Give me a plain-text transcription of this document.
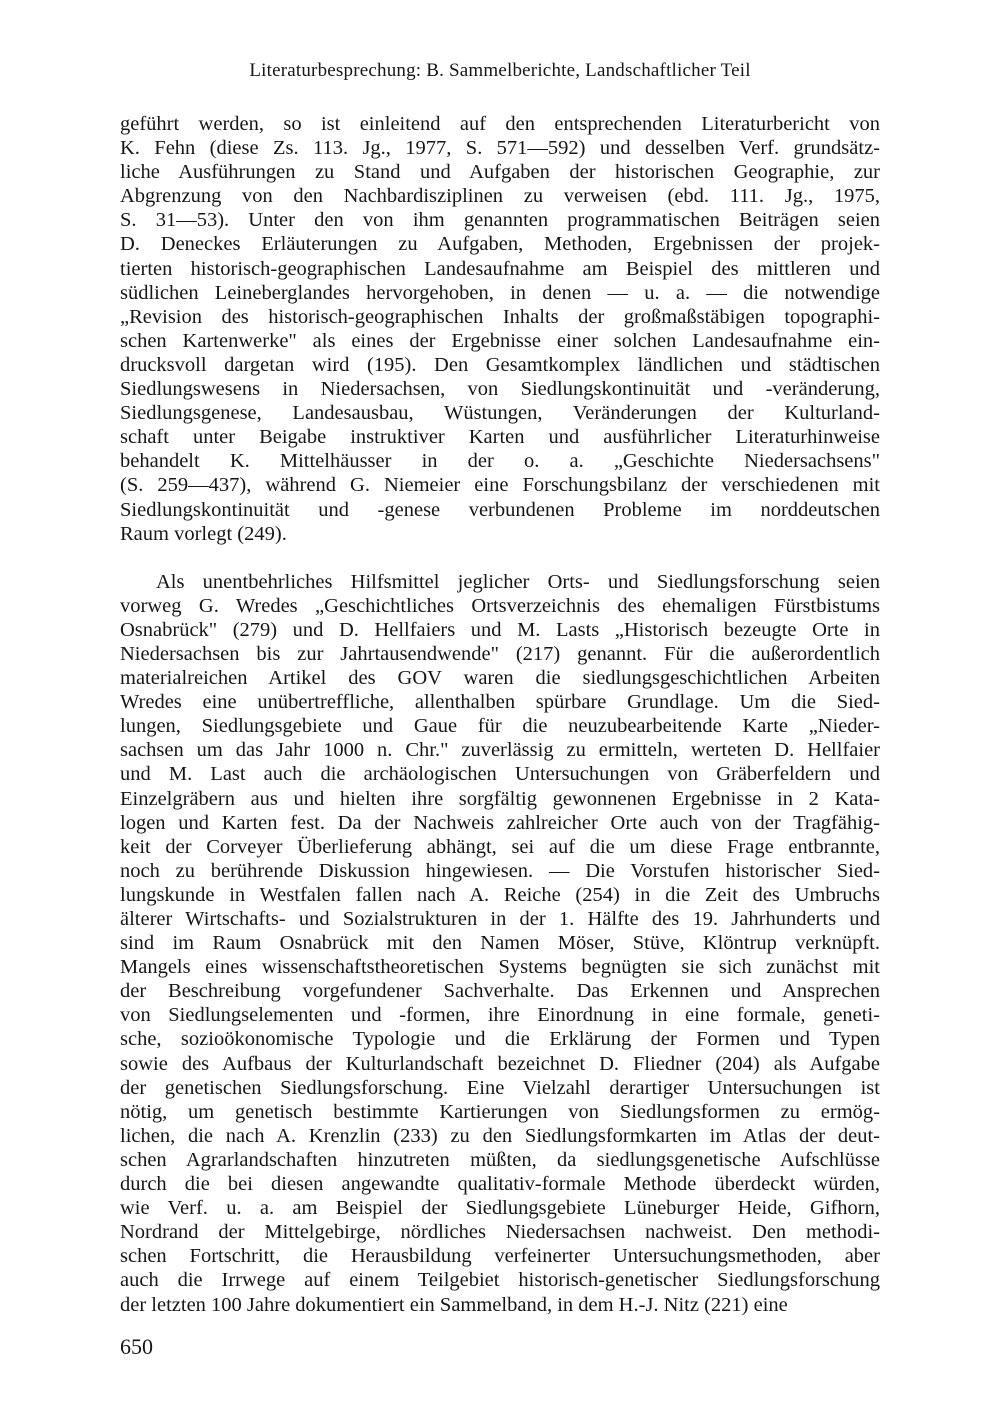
Literaturbesprechung: B. Sammelberichte, Landschaftlicher Teil
geführt werden, so ist einleitend auf den entsprechenden Literaturbericht von
K. Fehn (diese Zs. 113. Jg., 1977, S. 571—592) und desselben Verf. grundsätz-
liche Ausführungen zu Stand und Aufgaben der historischen Geographie, zur
Abgrenzung von den Nachbardisziplinen zu verweisen (ebd. 111. Jg., 1975,
S. 31—53). Unter den von ihm genannten programmatischen Beiträgen seien
D. Deneckes Erläuterungen zu Aufgaben, Methoden, Ergebnissen der projek-
tierten historisch-geographischen Landesaufnahme am Beispiel des mittleren und
südlichen Leineberglandes hervorgehoben, in denen — u. a. — die notwendige
„Revision des historisch-geographischen Inhalts der großmaßstäbigen topographi-
schen Kartenwerke" als eines der Ergebnisse einer solchen Landesaufnahme ein-
drucksvoll dargetan wird (195). Den Gesamtkomplex ländlichen und städtischen
Siedlungswesens in Niedersachsen, von Siedlungskontinuität und -veränderung,
Siedlungsgenese, Landesausbau, Wüstungen, Veränderungen der Kulturland-
schaft unter Beigabe instruktiver Karten und ausführlicher Literaturhinweise
behandelt K. Mittelhäusser in der o. a. „Geschichte Niedersachsens"
(S. 259—437), während G. Niemeier eine Forschungsbilanz der verschiedenen mit
Siedlungskontinuität und -genese verbundenen Probleme im norddeutschen
Raum vorlegt (249).
Als unentbehrliches Hilfsmittel jeglicher Orts- und Siedlungsforschung seien
vorweg G. Wredes „Geschichtliches Ortsverzeichnis des ehemaligen Fürstbistums
Osnabrück" (279) und D. Hellfaiers und M. Lasts „Historisch bezeugte Orte in
Niedersachsen bis zur Jahrtausendwende" (217) genannt. Für die außerordentlich
materialreichen Artikel des GOV waren die siedlungsgeschichtlichen Arbeiten
Wredes eine unübertreffliche, allenthalben spürbare Grundlage. Um die Sied-
lungen, Siedlungsgebiete und Gaue für die neuzubearbeitende Karte „Nieder-
sachsen um das Jahr 1000 n. Chr." zuverlässig zu ermitteln, werteten D. Hellfaier
und M. Last auch die archäologischen Untersuchungen von Gräberfeldern und
Einzelgräbern aus und hielten ihre sorgfältig gewonnenen Ergebnisse in 2 Kata-
logen und Karten fest. Da der Nachweis zahlreicher Orte auch von der Tragfähig-
keit der Corveyer Überlieferung abhängt, sei auf die um diese Frage entbrannte,
noch zu berührende Diskussion hingewiesen. — Die Vorstufen historischer Sied-
lungskunde in Westfalen fallen nach A. Reiche (254) in die Zeit des Umbruchs
älterer Wirtschafts- und Sozialstrukturen in der 1. Hälfte des 19. Jahrhunderts und
sind im Raum Osnabrück mit den Namen Möser, Stüve, Klöntrup verknüpft.
Mangels eines wissenschaftstheoretischen Systems begnügten sie sich zunächst mit
der Beschreibung vorgefundener Sachverhalte. Das Erkennen und Ansprechen
von Siedlungselementen und -formen, ihre Einordnung in eine formale, geneti-
sche, sozioökonomische Typologie und die Erklärung der Formen und Typen
sowie des Aufbaus der Kulturlandschaft bezeichnet D. Fliedner (204) als Aufgabe
der genetischen Siedlungsforschung. Eine Vielzahl derartiger Untersuchungen ist
nötig, um genetisch bestimmte Kartierungen von Siedlungsformen zu ermög-
lichen, die nach A. Krenzlin (233) zu den Siedlungsformkarten im Atlas der deut-
schen Agrarlandschaften hinzutreten müßten, da siedlungsgenetische Aufschlüsse
durch die bei diesen angewandte qualitativ-formale Methode überdeckt würden,
wie Verf. u. a. am Beispiel der Siedlungsgebiete Lüneburger Heide, Gifhorn,
Nordrand der Mittelgebirge, nördliches Niedersachsen nachweist. Den methodi-
schen Fortschritt, die Herausbildung verfeinerter Untersuchungsmethoden, aber
auch die Irrwege auf einem Teilgebiet historisch-genetischer Siedlungsforschung
der letzten 100 Jahre dokumentiert ein Sammelband, in dem H.-J. Nitz (221) eine
650
